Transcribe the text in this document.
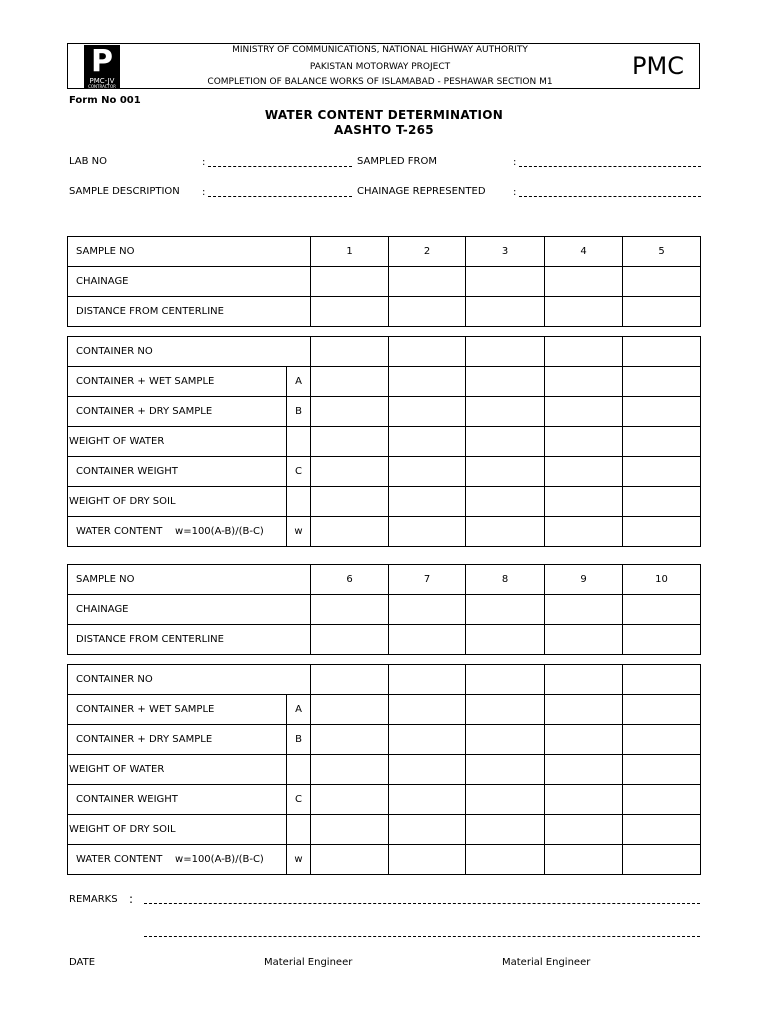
P
PMC-JV
CONTRACTOR
MINISTRY OF COMMUNICATIONS, NATIONAL HIGHWAY AUTHORITY
PAKISTAN MOTORWAY PROJECT
COMPLETION OF BALANCE WORKS OF ISLAMABAD - PESHAWAR SECTION M1
PMC
Form No 001
WATER CONTENT DETERMINATION
AASHTO T-265
LAB NO	:	SAMPLED FROM	:
SAMPLE DESCRIPTION :	CHAINAGE REPRESENTED	:
SAMPLE NO	1	2	3	4	5
CHAINAGE					
DISTANCE FROM CENTERLINE					
CONTAINER NO						
CONTAINER + WET SAMPLE	A					
CONTAINER + DRY SAMPLE	B					
WEIGHT OF WATER						
CONTAINER WEIGHT	C					
WEIGHT OF DRY SOIL						
WATER CONTENT    w=100(A-B)/(B-C)	w					
SAMPLE NO	6	7	8	9	10
CHAINAGE					
DISTANCE FROM CENTERLINE					
CONTAINER NO						
CONTAINER + WET SAMPLE	A					
CONTAINER + DRY SAMPLE	B					
WEIGHT OF WATER						
CONTAINER WEIGHT	C					
WEIGHT OF DRY SOIL						
WATER CONTENT    w=100(A-B)/(B-C)	w					
REMARKS :
DATE	Material Engineer	Material Engineer
